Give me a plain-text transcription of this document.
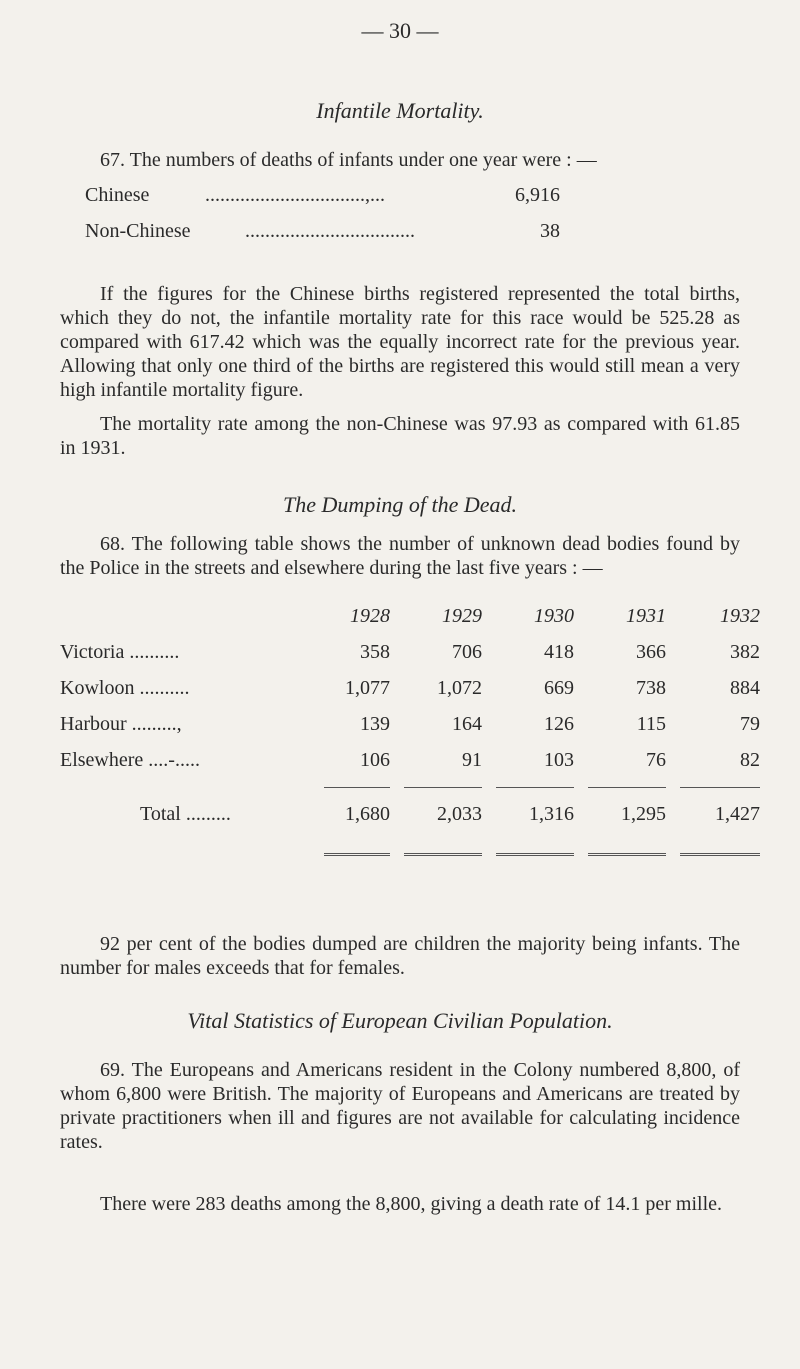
— 30 —
Infantile Mortality.

67. The numbers of deaths of infants under one year were : —

Chinese	................................,...	6,916
Non-Chinese	..................................	38

If the figures for the Chinese births registered represented the total births, which they do not, the infantile mortality rate for this race would be 525.28 as compared with 617.42 which was the equally incorrect rate for the previous year. Allowing that only one third of the births are registered this would still mean a very high infantile mortality figure.

The mortality rate among the non-Chinese was 97.93 as compared with 61.85 in 1931.

The Dumping of the Dead.

68. The following table shows the number of unknown dead bodies found by the Police in the streets and elsewhere during the last five years : —

	1928	1929	1930	1931	1932
Victoria ..........	358	706	418	366	382
Kowloon ..........	1,077	1,072	669	738	884
Harbour .........,	139	164	126	115	79
Elsewhere ....-.....	106	91	103	76	82

Total .........	1,680	2,033	1,316	1,295	1,427

92 per cent of the bodies dumped are children the majority being infants. The number for males exceeds that for females.

Vital Statistics of European Civilian Population.

69. The Europeans and Americans resident in the Colony numbered 8,800, of whom 6,800 were British. The majority of Europeans and Americans are treated by private practitioners when ill and figures are not available for calculating incidence rates.

There were 283 deaths among the 8,800, giving a death rate of 14.1 per mille.
